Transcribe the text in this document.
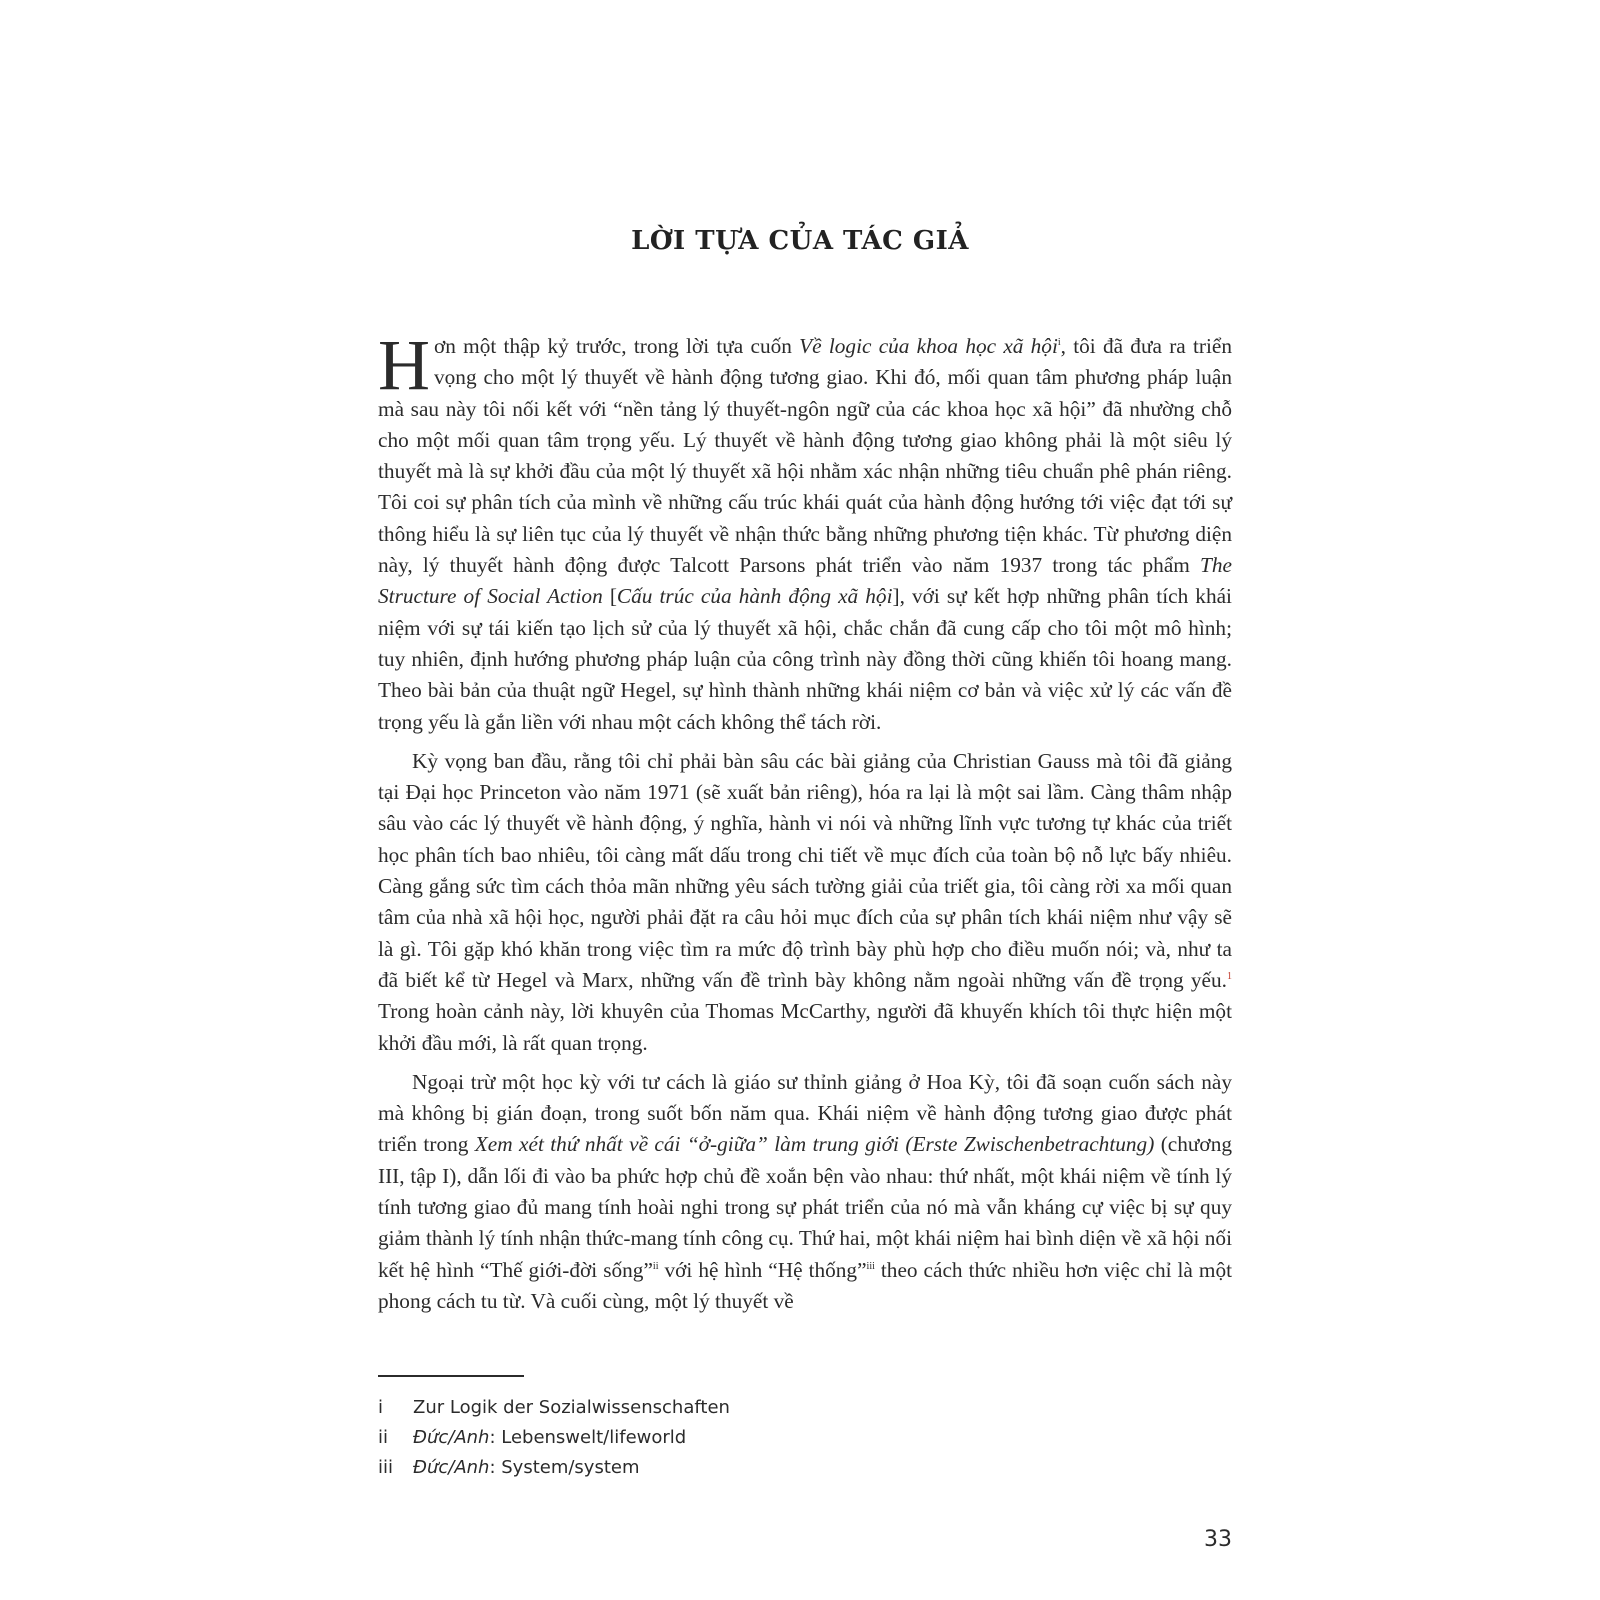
LỜI TỰA CỦA TÁC GIẢ

Hơn một thập kỷ trước, trong lời tựa cuốn Về logic của khoa học xã hội$^i$, tôi đã đưa ra triển vọng cho một lý thuyết về hành động tương giao. Khi đó, mối quan tâm phương pháp luận mà sau này tôi nối kết với “nền tảng lý thuyết-ngôn ngữ của các khoa học xã hội” đã nhường chỗ cho một mối quan tâm trọng yếu. Lý thuyết về hành động tương giao không phải là một siêu lý thuyết mà là sự khởi đầu của một lý thuyết xã hội nhằm xác nhận những tiêu chuẩn phê phán riêng. Tôi coi sự phân tích của mình về những cấu trúc khái quát của hành động hướng tới việc đạt tới sự thông hiểu là sự liên tục của lý thuyết về nhận thức bằng những phương tiện khác. Từ phương diện này, lý thuyết hành động được Talcott Parsons phát triển vào năm 1937 trong tác phẩm The Structure of Social Action [Cấu trúc của hành động xã hội], với sự kết hợp những phân tích khái niệm với sự tái kiến tạo lịch sử của lý thuyết xã hội, chắc chắn đã cung cấp cho tôi một mô hình; tuy nhiên, định hướng phương pháp luận của công trình này đồng thời cũng khiến tôi hoang mang. Theo bài bản của thuật ngữ Hegel, sự hình thành những khái niệm cơ bản và việc xử lý các vấn đề trọng yếu là gắn liền với nhau một cách không thể tách rời.

Kỳ vọng ban đầu, rằng tôi chỉ phải bàn sâu các bài giảng của Christian Gauss mà tôi đã giảng tại Đại học Princeton vào năm 1971 (sẽ xuất bản riêng), hóa ra lại là một sai lầm. Càng thâm nhập sâu vào các lý thuyết về hành động, ý nghĩa, hành vi nói và những lĩnh vực tương tự khác của triết học phân tích bao nhiêu, tôi càng mất dấu trong chi tiết về mục đích của toàn bộ nỗ lực bấy nhiêu. Càng gắng sức tìm cách thỏa mãn những yêu sách tường giải của triết gia, tôi càng rời xa mối quan tâm của nhà xã hội học, người phải đặt ra câu hỏi mục đích của sự phân tích khái niệm như vậy sẽ là gì. Tôi gặp khó khăn trong việc tìm ra mức độ trình bày phù hợp cho điều muốn nói; và, như ta đã biết kể từ Hegel và Marx, những vấn đề trình bày không nằm ngoài những vấn đề trọng yếu.$^1$ Trong hoàn cảnh này, lời khuyên của Thomas McCarthy, người đã khuyến khích tôi thực hiện một khởi đầu mới, là rất quan trọng.

Ngoại trừ một học kỳ với tư cách là giáo sư thỉnh giảng ở Hoa Kỳ, tôi đã soạn cuốn sách này mà không bị gián đoạn, trong suốt bốn năm qua. Khái niệm về hành động tương giao được phát triển trong Xem xét thứ nhất về cái “ở-giữa” làm trung giới (Erste Zwischenbetrachtung) (chương III, tập I), dẫn lối đi vào ba phức hợp chủ đề xoắn bện vào nhau: thứ nhất, một khái niệm về tính lý tính tương giao đủ mang tính hoài nghi trong sự phát triển của nó mà vẫn kháng cự việc bị sự quy giảm thành lý tính nhận thức-mang tính công cụ. Thứ hai, một khái niệm hai bình diện về xã hội nối kết hệ hình “Thế giới-đời sống”$^{ii}$ với hệ hình “Hệ thống”$^{iii}$ theo cách thức nhiều hơn việc chỉ là một phong cách tu từ. Và cuối cùng, một lý thuyết về

i	Zur Logik der Sozialwissenschaften
ii	Đức/Anh: Lebenswelt/lifeworld
iii	Đức/Anh: System/system
33
